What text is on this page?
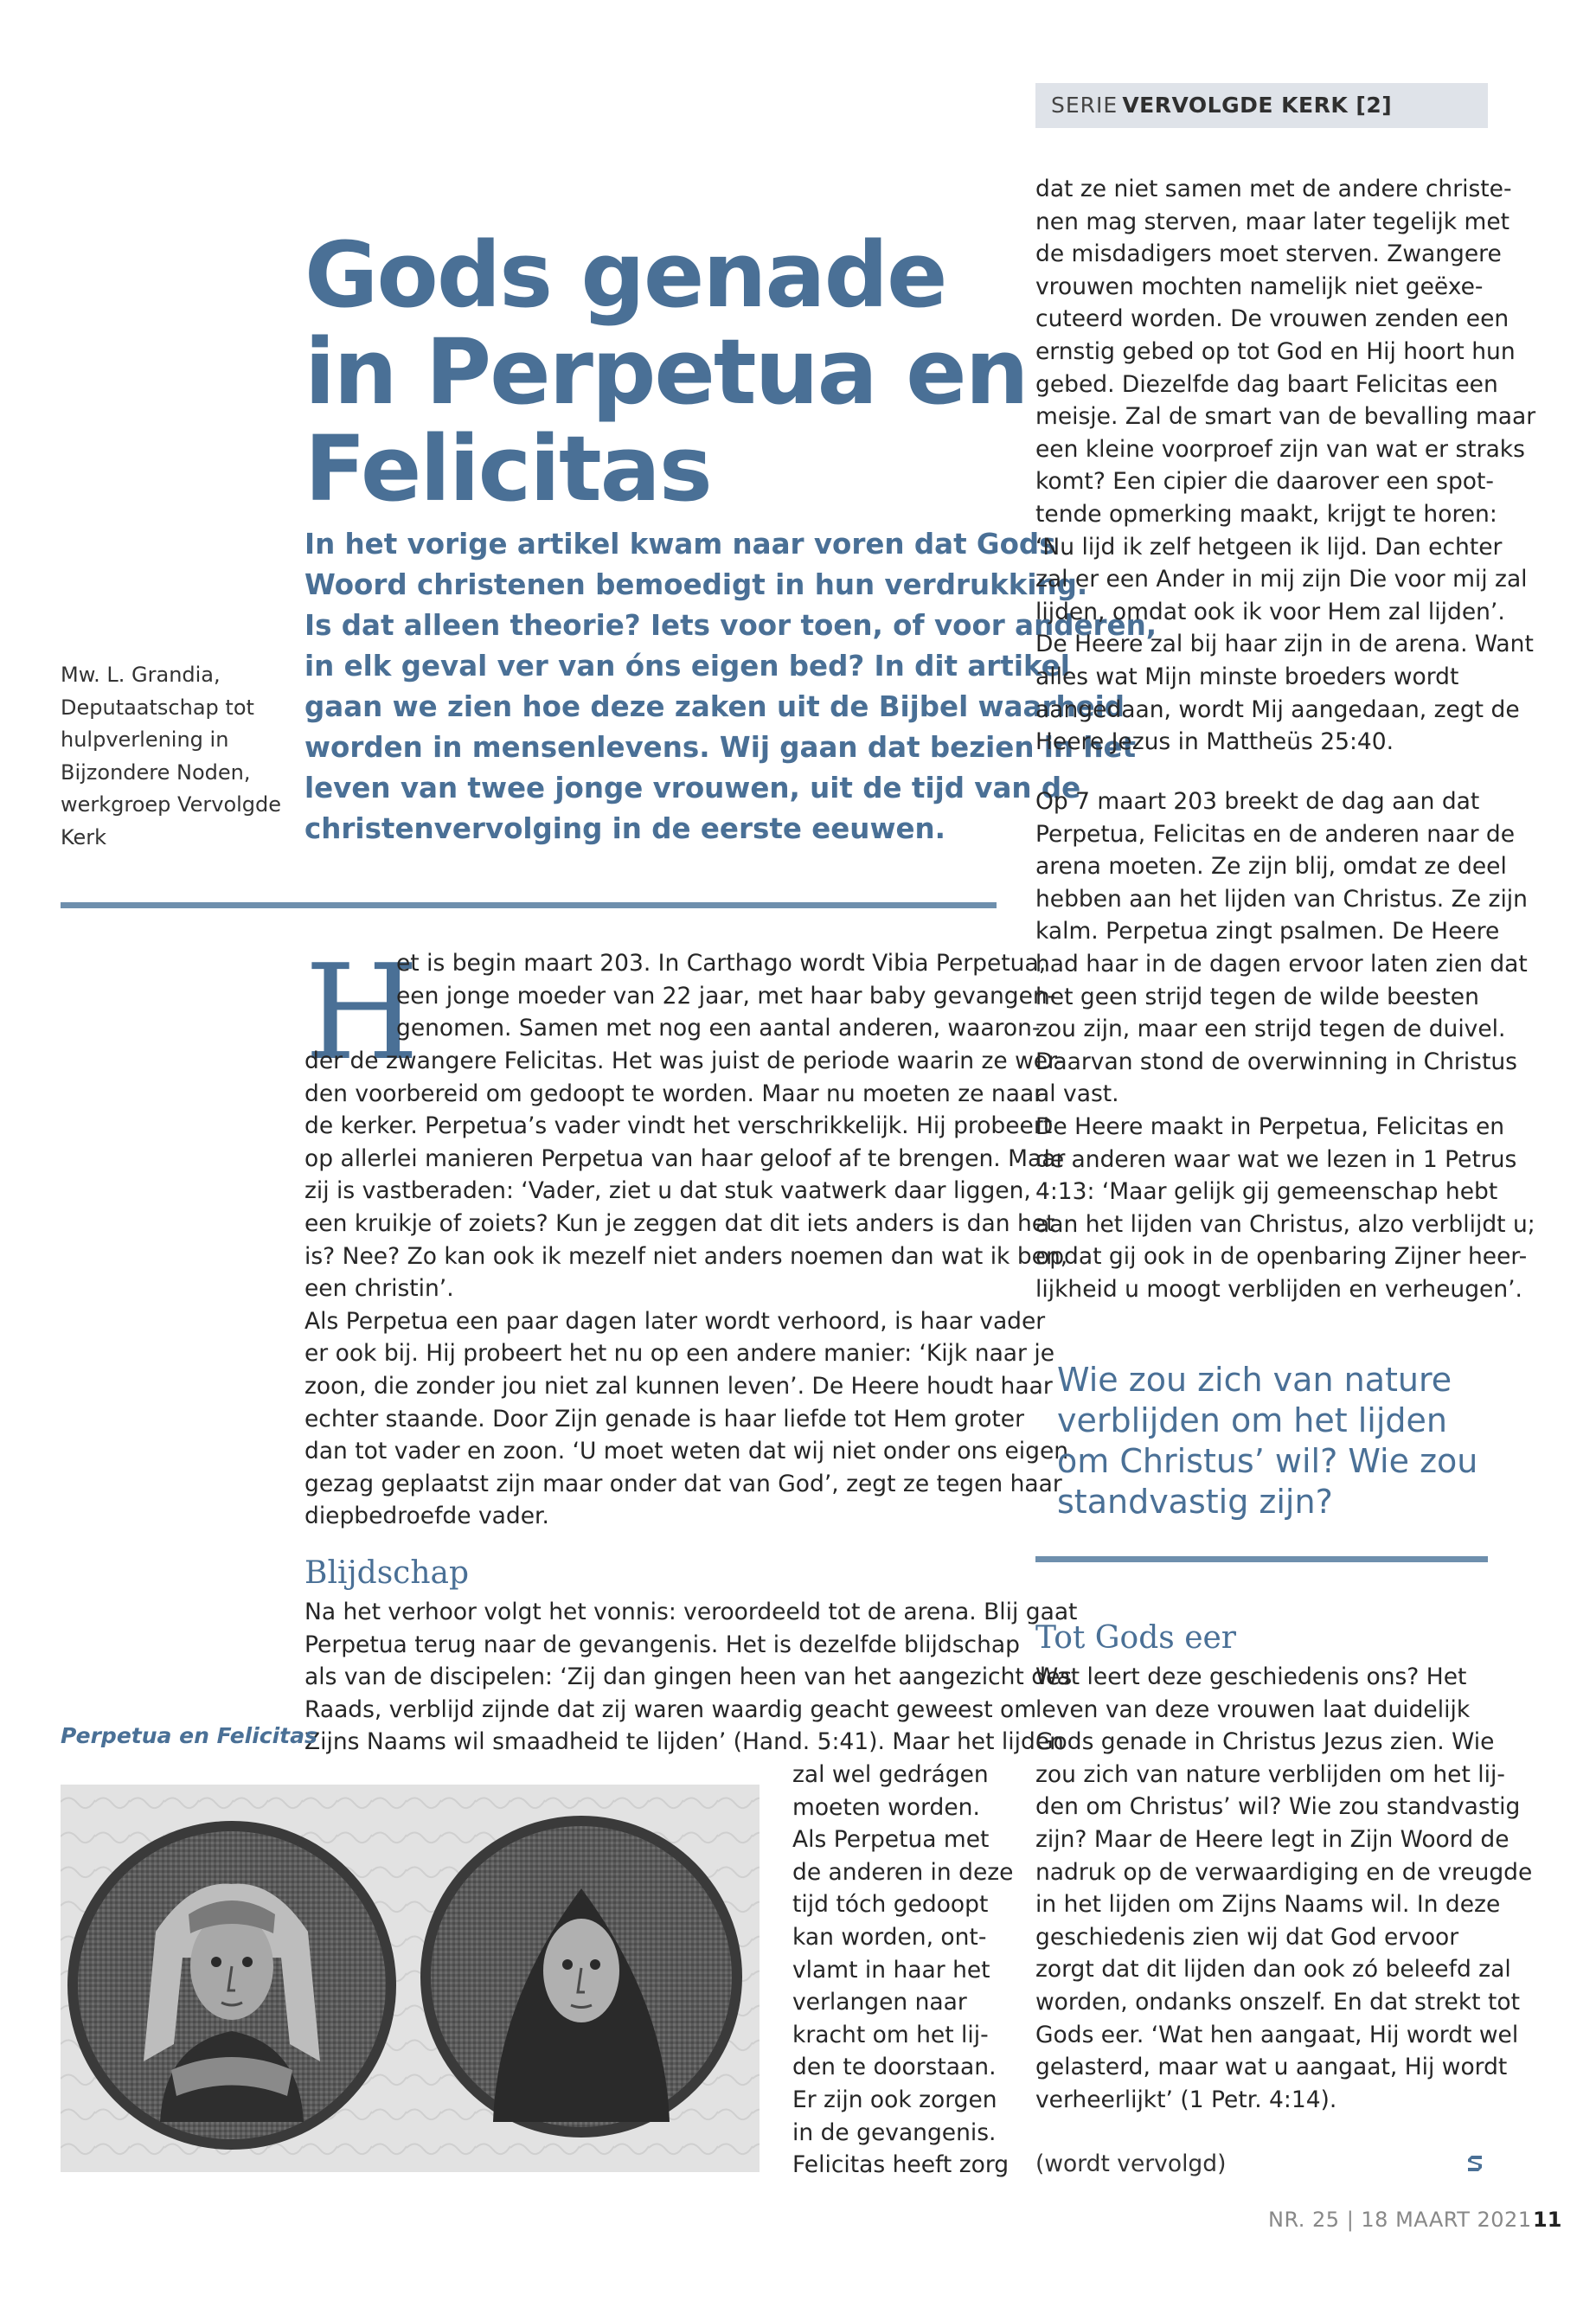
SERIE VERVOLGDE KERK [2]
Gods genade
in Perpetua en
Felicitas
In het vorige artikel kwam naar voren dat Gods
Woord christenen bemoedigt in hun verdrukking.
Is dat alleen theorie? Iets voor toen, of voor anderen,
in elk geval ver van óns eigen bed? In dit artikel
gaan we zien hoe deze zaken uit de Bijbel waarheid
worden in mensenlevens. Wij gaan dat bezien in het
leven van twee jonge vrouwen, uit de tijd van de
christenvervolging in de eerste eeuwen.
Mw. L. Grandia,
Deputaatschap tot
hulpverlening in
Bijzondere Noden,
werkgroep Vervolgde
Kerk
H
et is begin maart 203. In Carthago wordt Vibia Perpetua,
een jonge moeder van 22 jaar, met haar baby gevangen-
genomen. Samen met nog een aantal anderen, waaron-
der de zwangere Felicitas. Het was juist de periode waarin ze wer-
den voorbereid om gedoopt te worden. Maar nu moeten ze naar
de kerker. Perpetua’s vader vindt het verschrikkelijk. Hij probeert
op allerlei manieren Perpetua van haar geloof af te brengen. Maar
zij is vastberaden: ‘Vader, ziet u dat stuk vaatwerk daar liggen,
een kruikje of zoiets? Kun je zeggen dat dit iets anders is dan het
is? Nee? Zo kan ook ik mezelf niet anders noemen dan wat ik ben,
een christin’.
Als Perpetua een paar dagen later wordt verhoord, is haar vader
er ook bij. Hij probeert het nu op een andere manier: ‘Kijk naar je
zoon, die zonder jou niet zal kunnen leven’. De Heere houdt haar
echter staande. Door Zijn genade is haar liefde tot Hem groter
dan tot vader en zoon. ‘U moet weten dat wij niet onder ons eigen
gezag geplaatst zijn maar onder dat van God’, zegt ze tegen haar
diepbedroefde vader.
Blijdschap
Na het verhoor volgt het vonnis: veroordeeld tot de arena. Blij gaat
Perpetua terug naar de gevangenis. Het is dezelfde blijdschap
als van de discipelen: ‘Zij dan gingen heen van het aangezicht des
Raads, verblijd zijnde dat zij waren waardig geacht geweest om
Zijns Naams wil smaadheid te lijden’ (Hand. 5:41). Maar het lijden
zal wel gedrágen
moeten worden.
Als Perpetua met
de anderen in deze
tijd tóch gedoopt
kan worden, ont-
vlamt in haar het
verlangen naar
kracht om het lij-
den te doorstaan.
Er zijn ook zorgen
in de gevangenis.
Felicitas heeft zorg
Perpetua en Felicitas
dat ze niet samen met de andere christe-
nen mag sterven, maar later tegelijk met
de misdadigers moet sterven. Zwangere
vrouwen mochten namelijk niet geëxe-
cuteerd worden. De vrouwen zenden een
ernstig gebed op tot God en Hij hoort hun
gebed. Diezelfde dag baart Felicitas een
meisje. Zal de smart van de bevalling maar
een kleine voorproef zijn van wat er straks
komt? Een cipier die daarover een spot-
tende opmerking maakt, krijgt te horen:
‘Nu lijd ik zelf hetgeen ik lijd. Dan echter
zal er een Ander in mij zijn Die voor mij zal
lijden, omdat ook ik voor Hem zal lijden’.
De Heere zal bij haar zijn in de arena. Want
alles wat Mijn minste broeders wordt
aangedaan, wordt Mij aangedaan, zegt de
Heere Jezus in Mattheüs 25:40.
Op 7 maart 203 breekt de dag aan dat
Perpetua, Felicitas en de anderen naar de
arena moeten. Ze zijn blij, omdat ze deel
hebben aan het lijden van Christus. Ze zijn
kalm. Perpetua zingt psalmen. De Heere
had haar in de dagen ervoor laten zien dat
het geen strijd tegen de wilde beesten
zou zijn, maar een strijd tegen de duivel.
Daarvan stond de overwinning in Christus
al vast.
De Heere maakt in Perpetua, Felicitas en
de anderen waar wat we lezen in 1 Petrus
4:13: ‘Maar gelijk gij gemeenschap hebt
aan het lijden van Christus, alzo verblijdt u;
opdat gij ook in de openbaring Zijner heer-
lijkheid u moogt verblijden en verheugen’.
Wie zou zich van nature
verblijden om het lijden
om Christus’ wil? Wie zou
standvastig zijn?
Tot Gods eer
Wat leert deze geschiedenis ons? Het
leven van deze vrouwen laat duidelijk
Gods genade in Christus Jezus zien. Wie
zou zich van nature verblijden om het lij-
den om Christus’ wil? Wie zou standvastig
zijn? Maar de Heere legt in Zijn Woord de
nadruk op de verwaardiging en de vreugde
in het lijden om Zijns Naams wil. In deze
geschiedenis zien wij dat God ervoor
zorgt dat dit lijden dan ook zó beleefd zal
worden, ondanks onszelf. En dat strekt tot
Gods eer. ‘Wat hen aangaat, Hij wordt wel
gelasterd, maar wat u aangaat, Hij wordt
verheerlijkt’ (1 Petr. 4:14).
(wordt vervolgd)
NR. 25 | 18 MAART 2021 11
